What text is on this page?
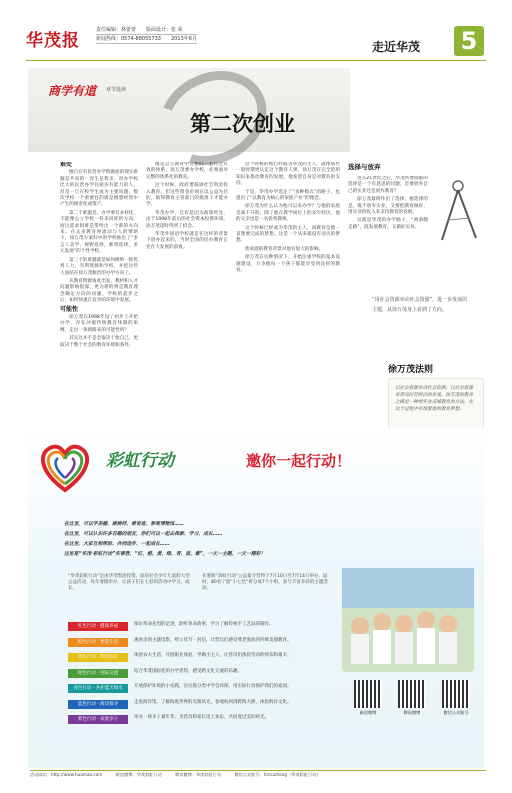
华茂报
责任编辑：林蕾蕾　　版面设计：张 荣
新闻热线：0574-88055733　　2013年6月
走近华茂 5
商学有道 章节选读
第二次创业

难处

擅自在有民营办学资源面的现实难题是共同的：容生是我亲，况办学校比大的民营办学往接多有能力的人，但是一旦在校学生成为主要问题，数次学校一个重要目的就是擅想经营中产生的规金化或资产。

第二个难题是，办学要有多样化，不能像公立学校一样来同样的方向。而这需求很难是带给出一个新的方向来。在众多教育界流动与人的帮助下，徐万茂方案好中的学校推出了“多言八美学，视野选择，师资选择，多元发展”的个性学校。

第三个的难题就是如何吸纳一批优秀人力，有利资源和学校，并把这些人固结在徐万茂根治的办学方向上。

从教育资源角度出发，教材和人才问题影响很深，更为难的则是教育理念确定方向的问题。学校的起步之后，如何快速在竞争的环境中发展。

可能性

徐万茂在1998年设了初步上开始办学，存在冲破传统教育体制的束缚，走出一条新路来的可能性吗？

其实这并不是全取决于他自己，更取决于整个社会的教育环境和条件。

擅是公立教育中完整的一套行之有效的体系，徐万茂要办学校，必须面对完整的体系化的教育。

这个时候，政府要鼓励社会资金投入教育，但这些资金必须在以公益为目的，取得教育主管部门的批准下才能办学。

华茂办学，自有是因为政策所允，由于1998年前后的社会资本投资环境，徐万茂适时得到了机会。

华茂外国语学校就是在这样的背景下创办起来的，当时全国的民办教育正处在大发展的前夜。

这个时候的他已经成为华茂的主人。就像那些一般时期更认定这个教育人事，徐万茂在完全的用知识来推动教育的发展，他希望自身是对教育的支持。

于是，华茂办学选定了“多种模式”的路子，也提出了“以教育为核心的家族产业”的理念。

徐万茂为什么认为他可以来办学？与他的家庭是离不开的。除了他在教学岗位上的多年经历，他的父亲也是一名优秀教师。

这个时候已经成为华茂的主人，而教育是他一直想要完成的梦想。这是一个从来就没有消失的梦想。

他家庭的教育背景对他有很大的影响。

徐万茂在这种情况下，开始注重学校的基本设施建设，力争使每一个孩子都能享受到良好的教育。

选择与放弃

进入21世纪之后，华茂所要面临的选择是一个有意思的问题，是要放弃自己的实业还是放弃教育？

徐万茂最终作出了选择。他选择的是，既不放弃实业，又要把教育做好，用实业的收入来支持教育的发展。

这就是华茂的办学路子，“两条腿走路”，既发展教育，又做好实业。

“用社会资源举动社会资源”，进一步发展的
主题，从徐万茂身上看到了方向。
徐万茂法则
以社会资源举动社会资源，以社会资源来带动民营经济的发展。徐万茂的教育之路是一种用实业反哺教育的方法，在这个过程中实现着他的教育梦想。
彩虹行动	邀你一起行动！
在这里，可以学美德、做榜样、看奇迹、参观博物馆……
在这里，可以认识许多有趣的朋友，你们可以一起去探索、学习、成长……
在这里，大家互相帮助、共同进步、一起成长……
这里是“华茂·彩虹行动”实事营，“红、橙、黄、绿、青、蓝、紫”，一天一主题，一天一精彩！
“华茂彩虹行动”是由华茂集团投资、面向社会少年儿童的大型公益活动，每年暑假举办，让孩子们在七彩的活动中学习、成长。
在暑期“彩虹行动”公益夏令营将于7月10日至7月14日举办，届时，80名宁波“小七色”将分成7个小组，参与丰富多彩的主题活动。
红色行动 · 健康养成	探访革命先烈的足迹，聆听革命故事，学习了解传统手工艺品的制作。
橙色行动 · 智慧生活	观看亲情主题电影，给父母写一封信，让营员们感受尊老爱幼的传统美德教育。
黄色行动 · 明星成长	体验农夫生活，开展职业体验，学做小主人，让营员们体验劳动的快乐和艰辛。
绿色行动 · 国际交流	结合华茂国际化的办学优势，感受跨文化交流的乐趣。
青色行动 · 共护蓝天绿水	开展保护环境的小实践，在垃圾分类中学会环保，用实际行动保护我们的家园。
蓝色行动 · 海洋探寻	走进海洋馆，了解海底世界的无限风光，参观杭州湾跨海大桥，体验海洋文化。
紫色行动 · 家庭亲子	举办一场亲子嘉年华，为营员和家长送上欢乐，共同度过美好时光。
新浪微博	腾讯微博	微信公众账号
活动网站：http://www.huamao.com	新浪微博：华茂彩虹行动	腾讯微博：华茂彩虹行动	微信公众账号：hmcaihong（华茂彩虹行动）
